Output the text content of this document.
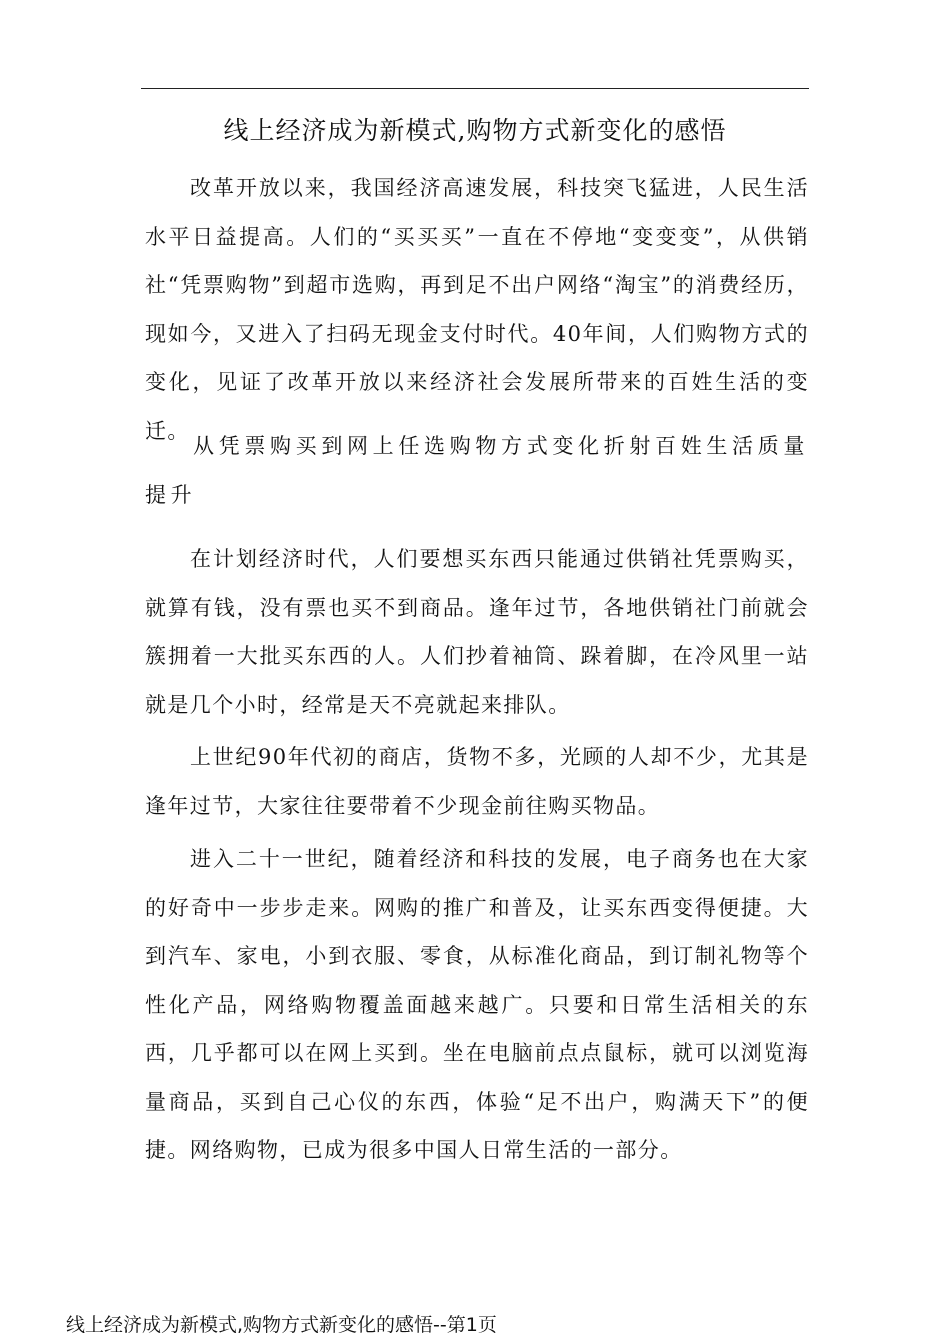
线上经济成为新模式,购物方式新变化的感悟

改革开放以来，我国经济高速发展，科技突飞猛进，人民生活水平日益提高。人们的“买买买”一直在不停地“变变变”，从供销社“凭票购物”到超市选购，再到足不出户网络“淘宝”的消费经历，现如今，又进入了扫码无现金支付时代。40年间，人们购物方式的变化，见证了改革开放以来经济社会发展所带来的百姓生活的变迁。

从凭票购买到网上任选购物方式变化折射百姓生活质量提升

在计划经济时代，人们要想买东西只能通过供销社凭票购买，就算有钱，没有票也买不到商品。逢年过节，各地供销社门前就会簇拥着一大批买东西的人。人们抄着袖筒、跺着脚，在冷风里一站就是几个小时，经常是天不亮就起来排队。

上世纪90年代初的商店，货物不多，光顾的人却不少，尤其是逢年过节，大家往往要带着不少现金前往购买物品。

进入二十一世纪，随着经济和科技的发展，电子商务也在大家的好奇中一步步走来。网购的推广和普及，让买东西变得便捷。大到汽车、家电，小到衣服、零食，从标准化商品，到订制礼物等个性化产品，网络购物覆盖面越来越广。只要和日常生活相关的东西，几乎都可以在网上买到。坐在电脑前点点鼠标，就可以浏览海量商品，买到自己心仪的东西，体验“足不出户，购满天下”的便捷。网络购物，已成为很多中国人日常生活的一部分。

线上经济成为新模式,购物方式新变化的感悟--第1页
